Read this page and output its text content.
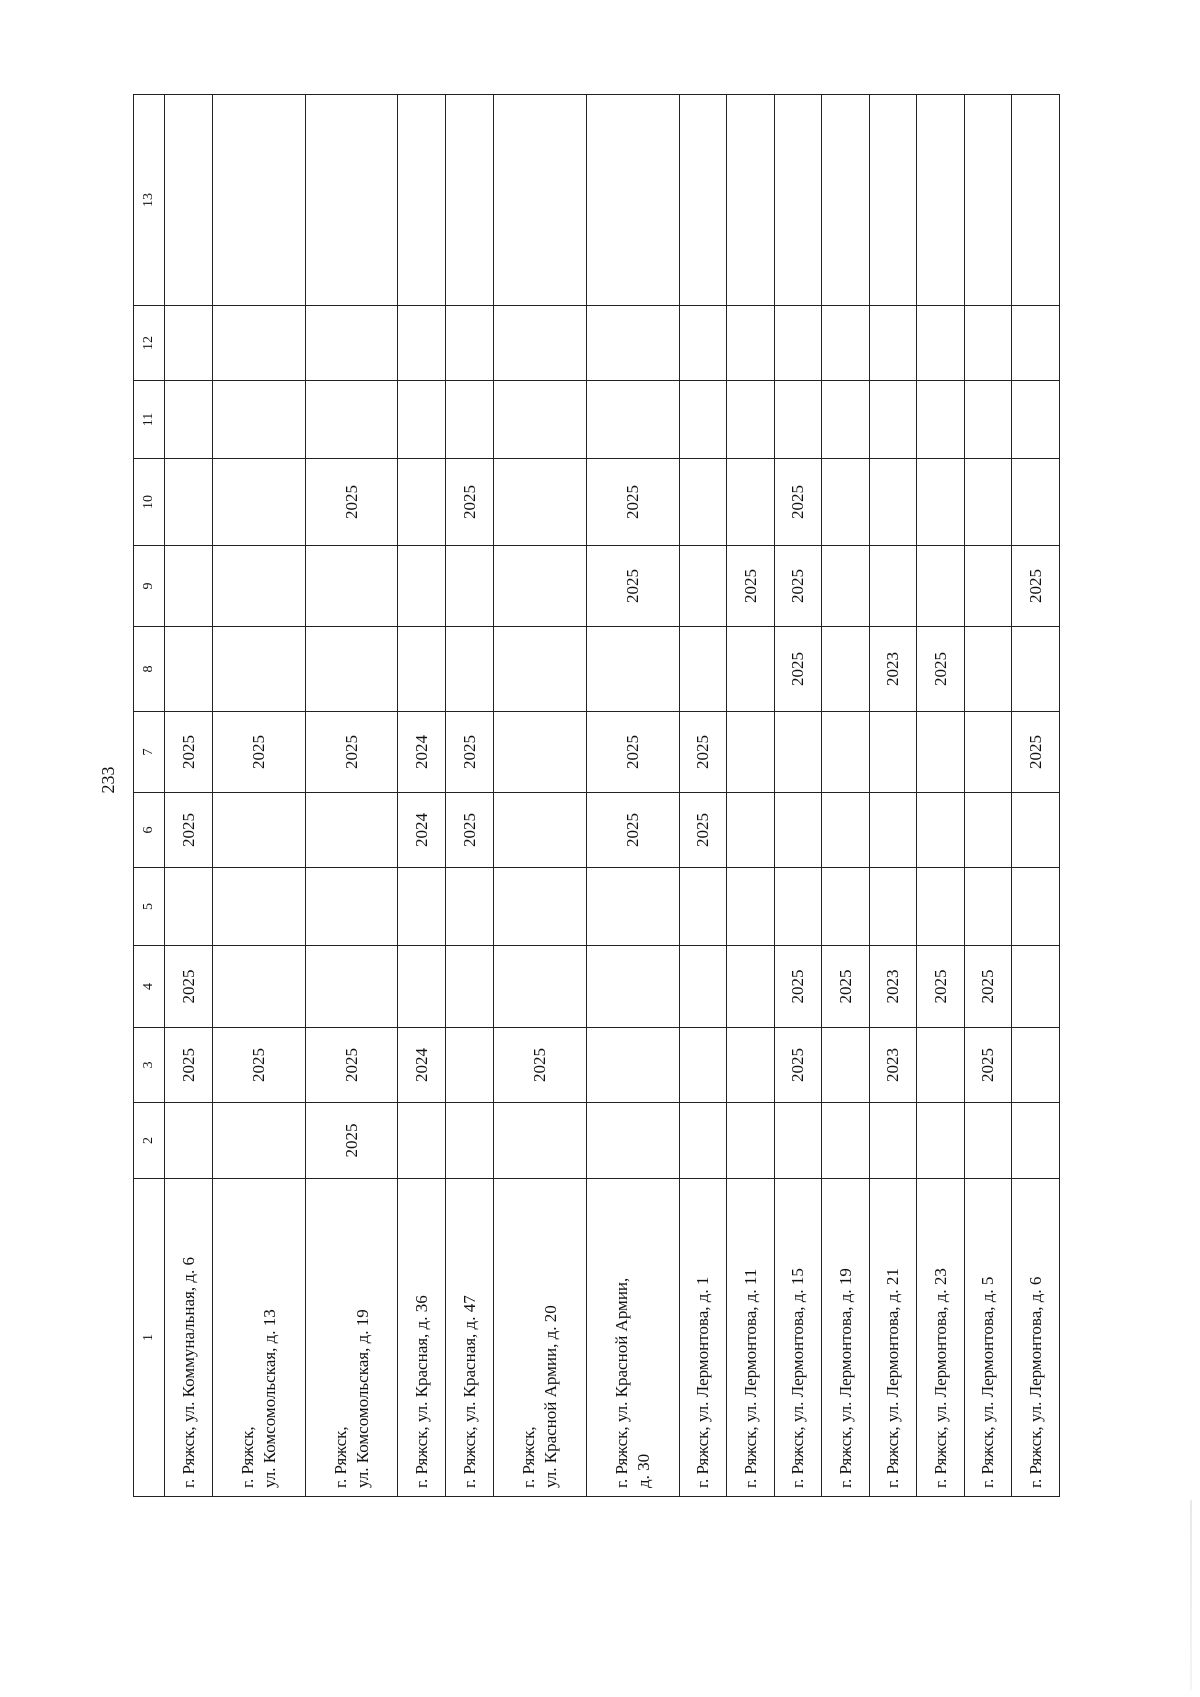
233
1	2	3	4	5	6	7	8	9	10	11	12	13
г. Ряжск, ул. Коммунальная, д. 6		2025	2025		2025	2025						
г. Ряжск,
ул. Комсомольская, д. 13		2025				2025						
г. Ряжск,
ул. Комсомольская, д. 19	2025	2025				2025			2025			
г. Ряжск, ул. Красная, д. 36		2024			2024	2024						
г. Ряжск, ул. Красная, д. 47					2025	2025			2025			
г. Ряжск,
ул. Красной Армии, д. 20		2025										
г. Ряжск, ул. Красной Армии,
д. 30					2025	2025		2025	2025			
г. Ряжск, ул. Лермонтова, д. 1					2025	2025						
г. Ряжск, ул. Лермонтова, д. 11								2025				
г. Ряжск, ул. Лермонтова, д. 15		2025	2025				2025	2025	2025			
г. Ряжск, ул. Лермонтова, д. 19			2025									
г. Ряжск, ул. Лермонтова, д. 21		2023	2023				2023					
г. Ряжск, ул. Лермонтова, д. 23			2025				2025					
г. Ряжск, ул. Лермонтова, д. 5		2025	2025									
г. Ряжск, ул. Лермонтова, д. 6						2025		2025				
